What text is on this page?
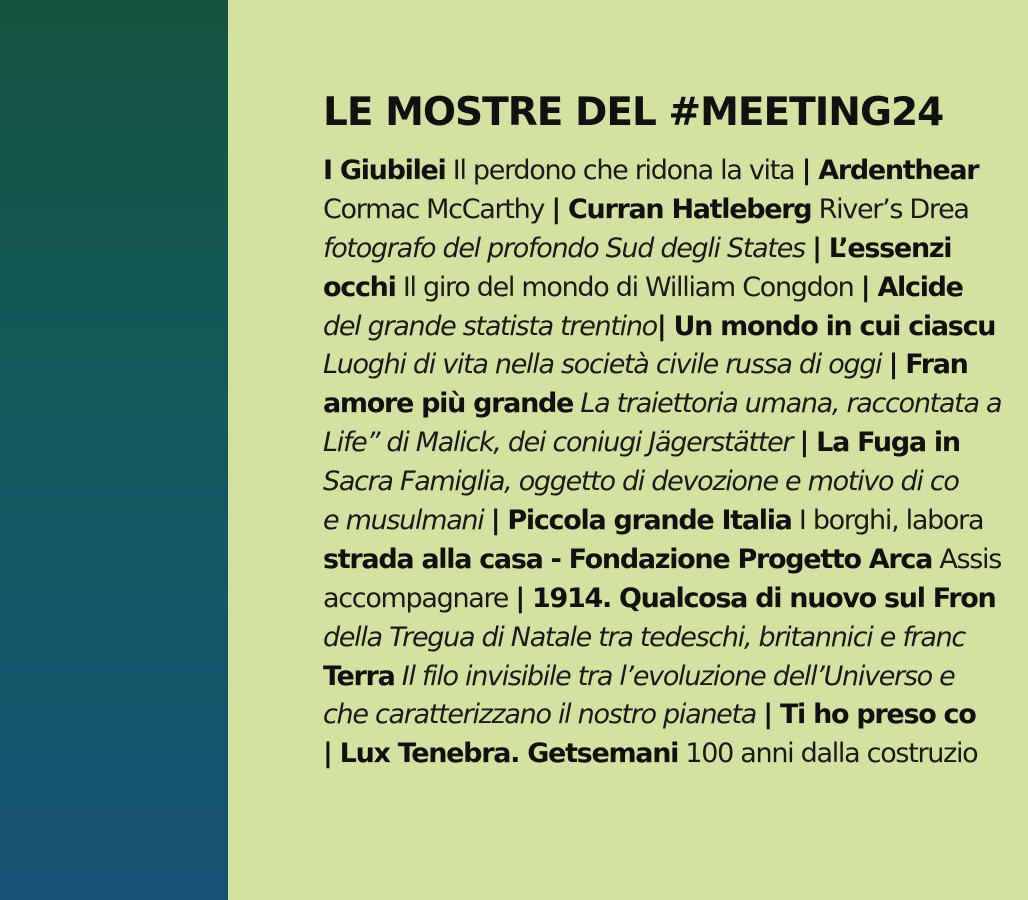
LE MOSTRE DEL #MEETING24
I Giubilei Il perdono che ridona la vita | Ardenthear
Cormac McCarthy | Curran Hatleberg River’s Drea
fotografo del profondo Sud degli States | L’essenzi
occhi Il giro del mondo di William Congdon | Alcide
del grande statista trentino| Un mondo in cui ciascu
Luoghi di vita nella società civile russa di oggi | Fran
amore più grande La traiettoria umana, raccontata a
Life” di Malick, dei coniugi Jägerstätter | La Fuga in
Sacra Famiglia, oggetto di devozione e motivo di co
e musulmani | Piccola grande Italia I borghi, labora
strada alla casa - Fondazione Progetto Arca Assis
accompagnare | 1914. Qualcosa di nuovo sul Fron
della Tregua di Natale tra tedeschi, britannici e franc
Terra Il filo invisibile tra l’evoluzione dell’Universo e
che caratterizzano il nostro pianeta | Ti ho preso co
| Lux Tenebra. Getsemani 100 anni dalla costruzio
